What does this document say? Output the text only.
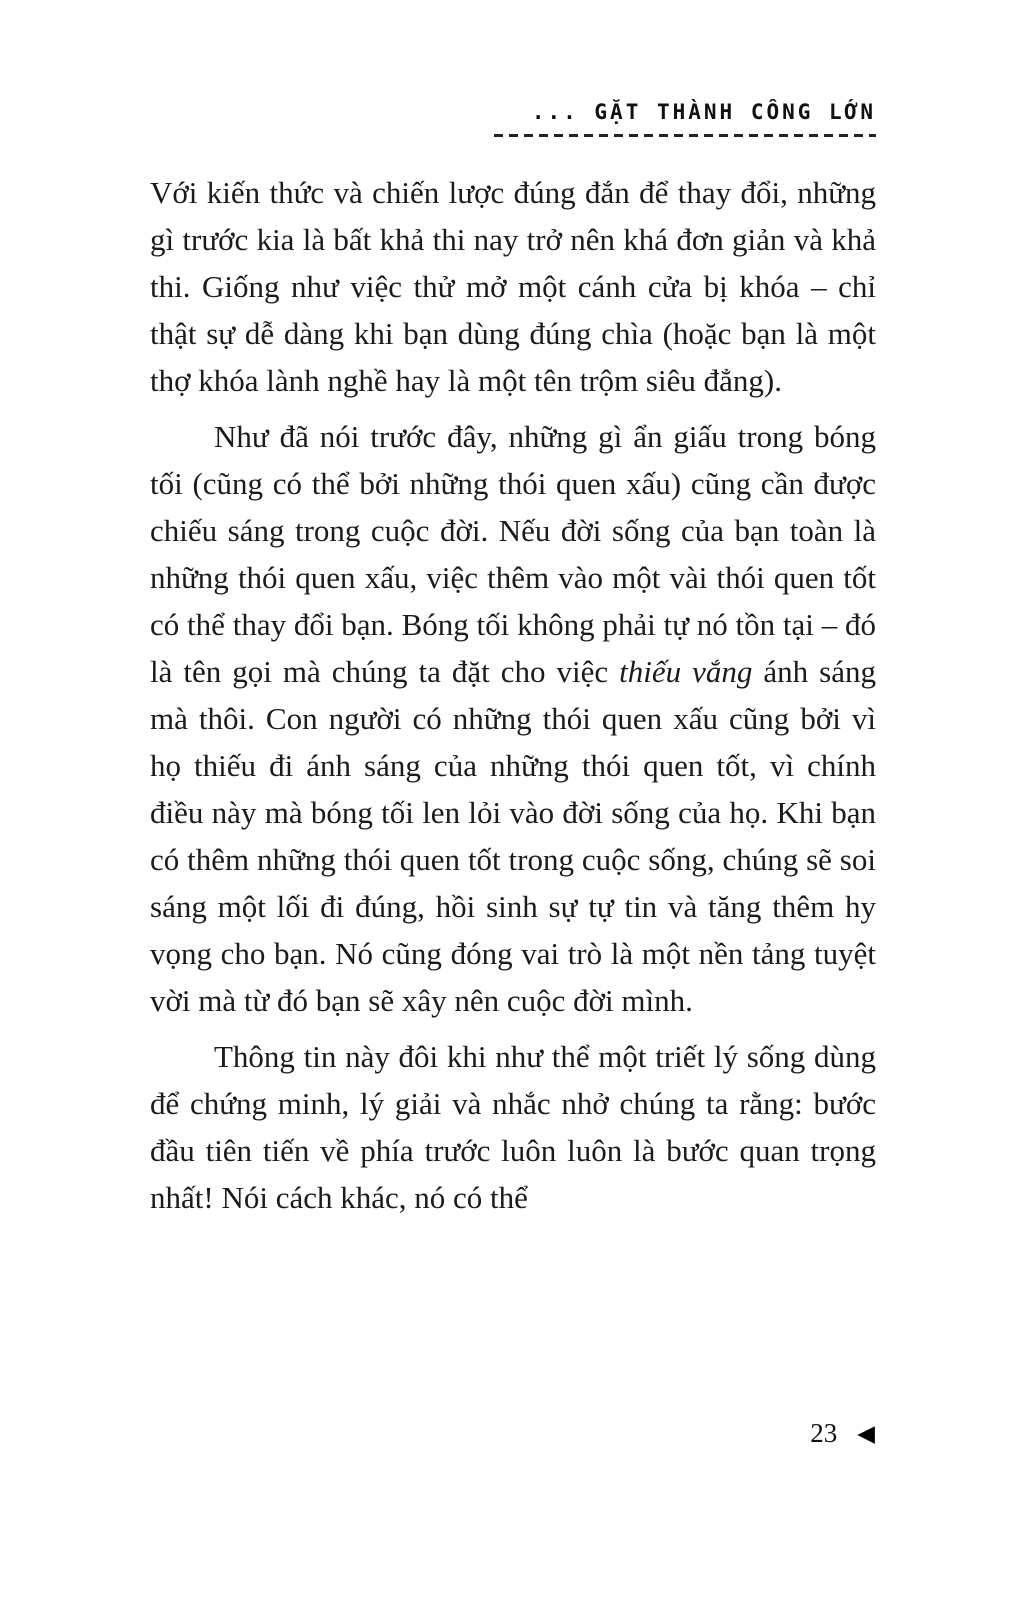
... GẶT THÀNH CÔNG LỚN

Với kiến thức và chiến lược đúng đắn để thay đổi, những gì trước kia là bất khả thi nay trở nên khá đơn giản và khả thi. Giống như việc thử mở một cánh cửa bị khóa – chỉ thật sự dễ dàng khi bạn dùng đúng chìa (hoặc bạn là một thợ khóa lành nghề hay là một tên trộm siêu đẳng).

Như đã nói trước đây, những gì ẩn giấu trong bóng tối (cũng có thể bởi những thói quen xấu) cũng cần được chiếu sáng trong cuộc đời. Nếu đời sống của bạn toàn là những thói quen xấu, việc thêm vào một vài thói quen tốt có thể thay đổi bạn. Bóng tối không phải tự nó tồn tại – đó là tên gọi mà chúng ta đặt cho việc thiếu vắng ánh sáng mà thôi. Con người có những thói quen xấu cũng bởi vì họ thiếu đi ánh sáng của những thói quen tốt, vì chính điều này mà bóng tối len lỏi vào đời sống của họ. Khi bạn có thêm những thói quen tốt trong cuộc sống, chúng sẽ soi sáng một lối đi đúng, hồi sinh sự tự tin và tăng thêm hy vọng cho bạn. Nó cũng đóng vai trò là một nền tảng tuyệt vời mà từ đó bạn sẽ xây nên cuộc đời mình.

Thông tin này đôi khi như thể một triết lý sống dùng để chứng minh, lý giải và nhắc nhở chúng ta rằng: bước đầu tiên tiến về phía trước luôn luôn là bước quan trọng nhất! Nói cách khác, nó có thể

23 ◀
